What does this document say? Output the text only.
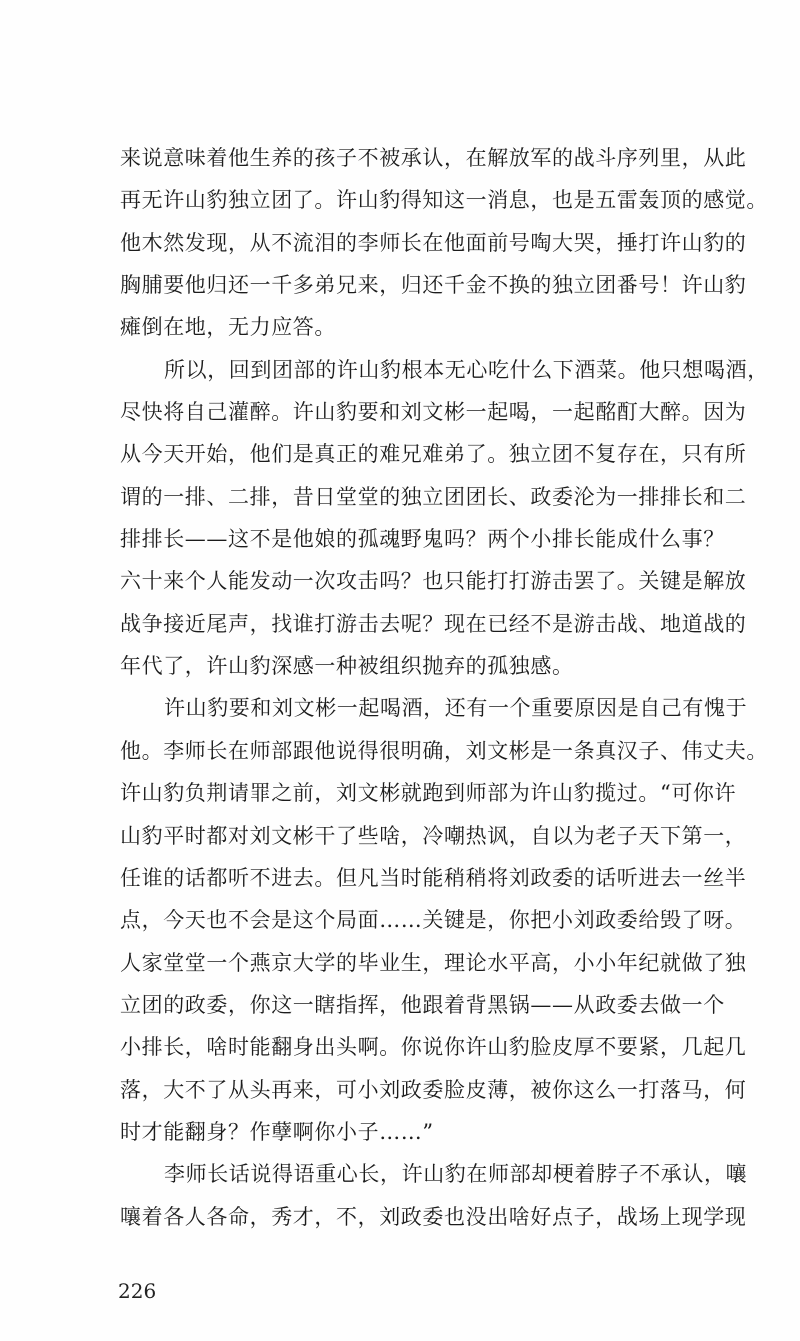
来说意味着他生养的孩子不被承认，在解放军的战斗序列里，从此
再无许山豹独立团了。许山豹得知这一消息，也是五雷轰顶的感觉。
他木然发现，从不流泪的李师长在他面前号啕大哭，捶打许山豹的
胸脯要他归还一千多弟兄来，归还千金不换的独立团番号！许山豹
瘫倒在地，无力应答。
所以，回到团部的许山豹根本无心吃什么下酒菜。他只想喝酒，
尽快将自己灌醉。许山豹要和刘文彬一起喝，一起酩酊大醉。因为
从今天开始，他们是真正的难兄难弟了。独立团不复存在，只有所
谓的一排、二排，昔日堂堂的独立团团长、政委沦为一排排长和二
排排长——这不是他娘的孤魂野鬼吗？两个小排长能成什么事？
六十来个人能发动一次攻击吗？也只能打打游击罢了。关键是解放
战争接近尾声，找谁打游击去呢？现在已经不是游击战、地道战的
年代了，许山豹深感一种被组织抛弃的孤独感。
许山豹要和刘文彬一起喝酒，还有一个重要原因是自己有愧于
他。李师长在师部跟他说得很明确，刘文彬是一条真汉子、伟丈夫。
许山豹负荆请罪之前，刘文彬就跑到师部为许山豹揽过。“可你许
山豹平时都对刘文彬干了些啥，冷嘲热讽，自以为老子天下第一，
任谁的话都听不进去。但凡当时能稍稍将刘政委的话听进去一丝半
点，今天也不会是这个局面……关键是，你把小刘政委给毁了呀。
人家堂堂一个燕京大学的毕业生，理论水平高，小小年纪就做了独
立团的政委，你这一瞎指挥，他跟着背黑锅——从政委去做一个
小排长，啥时能翻身出头啊。你说你许山豹脸皮厚不要紧，几起几
落，大不了从头再来，可小刘政委脸皮薄，被你这么一打落马，何
时才能翻身？作孽啊你小子……”
李师长话说得语重心长，许山豹在师部却梗着脖子不承认，嚷
嚷着各人各命，秀才，不，刘政委也没出啥好点子，战场上现学现
226
